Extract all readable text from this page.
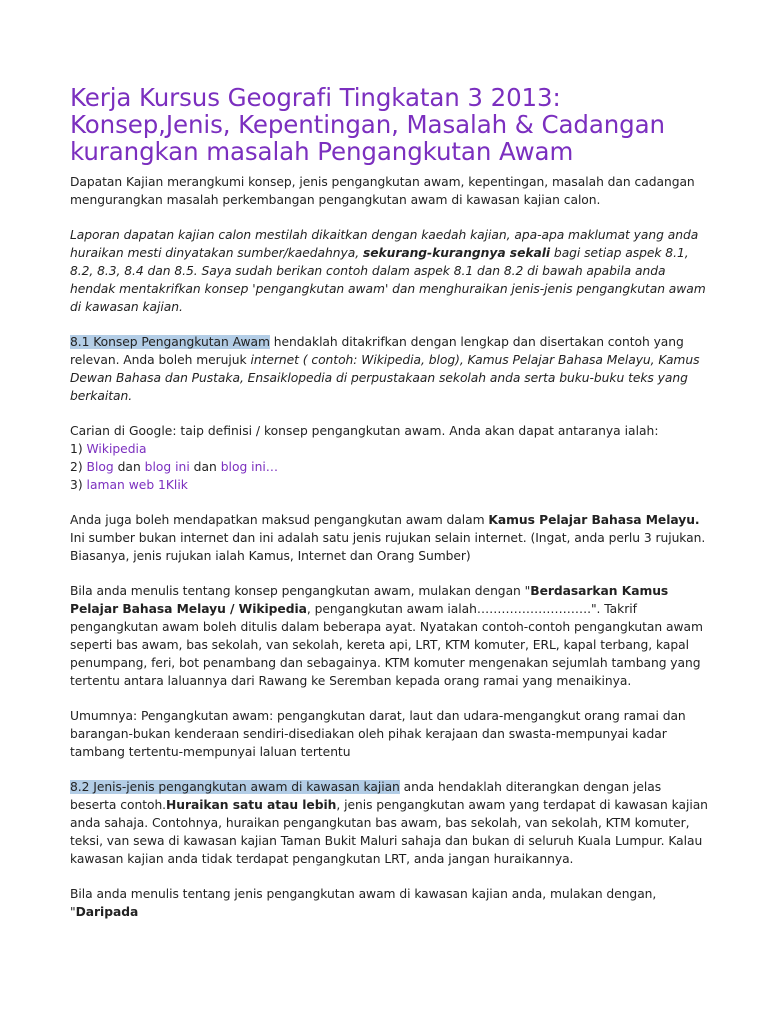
Kerja Kursus Geografi Tingkatan 3 2013: Konsep,Jenis, Kepentingan, Masalah & Cadangan kurangkan masalah Pengangkutan Awam

Dapatan Kajian merangkumi konsep, jenis pengangkutan awam, kepentingan, masalah dan cadangan mengurangkan masalah perkembangan pengangkutan awam di kawasan kajian calon.

Laporan dapatan kajian calon mestilah dikaitkan dengan kaedah kajian, apa-apa maklumat yang anda huraikan mesti dinyatakan sumber/kaedahnya, sekurang-kurangnya sekali bagi setiap aspek 8.1, 8.2, 8.3, 8.4 dan 8.5. Saya sudah berikan contoh dalam aspek 8.1 dan 8.2 di bawah apabila anda hendak mentakrifkan konsep 'pengangkutan awam' dan menghuraikan jenis-jenis pengangkutan awam di kawasan kajian.

8.1 Konsep Pengangkutan Awam hendaklah ditakrifkan dengan lengkap dan disertakan contoh yang relevan. Anda boleh merujuk internet ( contoh: Wikipedia, blog), Kamus Pelajar Bahasa Melayu, Kamus Dewan Bahasa dan Pustaka, Ensaiklopedia di perpustakaan sekolah anda serta buku-buku teks yang berkaitan.

Carian di Google: taip definisi / konsep pengangkutan awam. Anda akan dapat antaranya ialah:
1) Wikipedia
2) Blog dan blog ini dan blog ini…
3) laman web 1Klik

Anda juga boleh mendapatkan maksud pengangkutan awam dalam Kamus Pelajar Bahasa Melayu. Ini sumber bukan internet dan ini adalah satu jenis rujukan selain internet. (Ingat, anda perlu 3 rujukan. Biasanya, jenis rujukan ialah Kamus, Internet dan Orang Sumber)

Bila anda menulis tentang konsep pengangkutan awam, mulakan dengan "Berdasarkan Kamus Pelajar Bahasa Melayu / Wikipedia, pengangkutan awam ialah……………………….". Takrif pengangkutan awam boleh ditulis dalam beberapa ayat. Nyatakan contoh-contoh pengangkutan awam seperti bas awam, bas sekolah, van sekolah, kereta api, LRT, KTM komuter, ERL, kapal terbang, kapal penumpang, feri, bot penambang dan sebagainya. KTM komuter mengenakan sejumlah tambang yang tertentu antara laluannya dari Rawang ke Seremban kepada orang ramai yang menaikinya.

Umumnya: Pengangkutan awam: pengangkutan darat, laut dan udara-mengangkut orang ramai dan barangan-bukan kenderaan sendiri-disediakan oleh pihak kerajaan dan swasta-mempunyai kadar tambang tertentu-mempunyai laluan tertentu

8.2 Jenis-jenis pengangkutan awam di kawasan kajian anda hendaklah diterangkan dengan jelas beserta contoh.Huraikan satu atau lebih, jenis pengangkutan awam yang terdapat di kawasan kajian anda sahaja. Contohnya, huraikan pengangkutan bas awam, bas sekolah, van sekolah, KTM komuter, teksi, van sewa di kawasan kajian Taman Bukit Maluri sahaja dan bukan di seluruh Kuala Lumpur. Kalau kawasan kajian anda tidak terdapat pengangkutan LRT, anda jangan huraikannya.

Bila anda menulis tentang jenis pengangkutan awam di kawasan kajian anda, mulakan dengan, "Daripada
